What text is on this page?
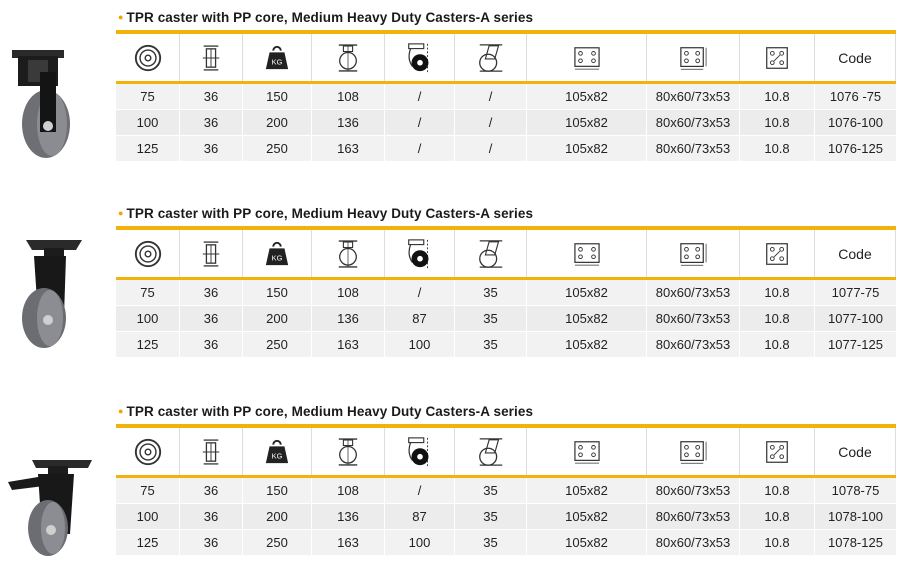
● TPR caster with PP core, Medium Heavy Duty Casters-A series
Code
75	36	150	108	/	/	105x82	80x60/73x53	10.8	1076 -75
100	36	200	136	/	/	105x82	80x60/73x53	10.8	1076-100
125	36	250	163	/	/	105x82	80x60/73x53	10.8	1076-125
● TPR caster with PP core, Medium Heavy Duty Casters-A series
Code
75	36	150	108	/	35	105x82	80x60/73x53	10.8	1077-75
100	36	200	136	87	35	105x82	80x60/73x53	10.8	1077-100
125	36	250	163	100	35	105x82	80x60/73x53	10.8	1077-125
● TPR caster with PP core, Medium Heavy Duty Casters-A series
Code
75	36	150	108	/	35	105x82	80x60/73x53	10.8	1078-75
100	36	200	136	87	35	105x82	80x60/73x53	10.8	1078-100
125	36	250	163	100	35	105x82	80x60/73x53	10.8	1078-125
